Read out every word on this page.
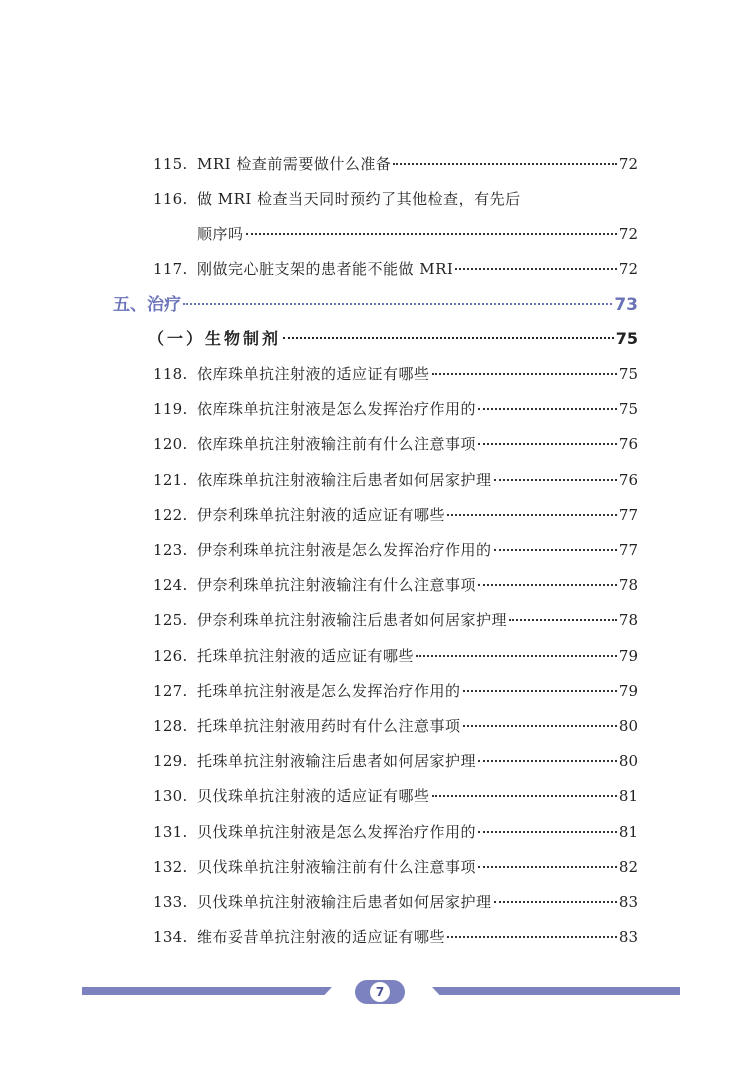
115. MRI 检查前需要做什么准备	72
116. 做 MRI 检查当天同时预约了其他检查，有先后
顺序吗	72
117. 刚做完心脏支架的患者能不能做 MRI	72
五、治疗	73
（一）生物制剂	75
118. 依库珠单抗注射液的适应证有哪些	75
119. 依库珠单抗注射液是怎么发挥治疗作用的	75
120. 依库珠单抗注射液输注前有什么注意事项	76
121. 依库珠单抗注射液输注后患者如何居家护理	76
122. 伊奈利珠单抗注射液的适应证有哪些	77
123. 伊奈利珠单抗注射液是怎么发挥治疗作用的	77
124. 伊奈利珠单抗注射液输注有什么注意事项	78
125. 伊奈利珠单抗注射液输注后患者如何居家护理	78
126. 托珠单抗注射液的适应证有哪些	79
127. 托珠单抗注射液是怎么发挥治疗作用的	79
128. 托珠单抗注射液用药时有什么注意事项	80
129. 托珠单抗注射液输注后患者如何居家护理	80
130. 贝伐珠单抗注射液的适应证有哪些	81
131. 贝伐珠单抗注射液是怎么发挥治疗作用的	81
132. 贝伐珠单抗注射液输注前有什么注意事项	82
133. 贝伐珠单抗注射液输注后患者如何居家护理	83
134. 维布妥昔单抗注射液的适应证有哪些	83
7
